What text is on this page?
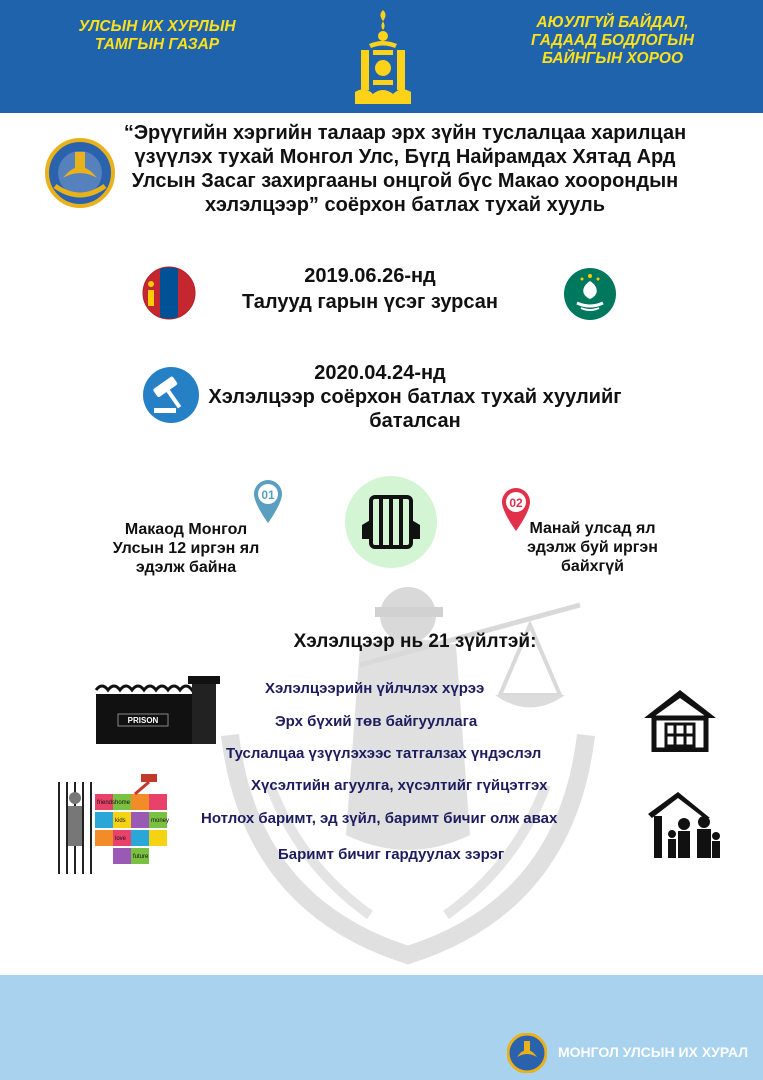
УЛСЫН ИХ ХУРЛЫН ТАМГЫН ГАЗАР
АЮУЛГҮЙ БАЙДАЛ, ГАДААД БОДЛОГЫН БАЙНГЫН ХОРОО
“Эрүүгийн хэргийн талаар эрх зүйн туслалцаа харилцан үзүүлэх тухай Монгол Улс, Бүгд Найрамдах Хятад Ард Улсын Засаг захиргааны онцгой бүс Макао хоорондын хэлэлцээр” соёрхон батлах тухай хууль
2019.06.26-нд
Талууд гарын үсэг зурсан
2020.04.24-нд
Хэлэлцээр соёрхон батлах тухай хуулийг баталсан
01
Макаод Монгол Улсын 12 иргэн ял эдэлж байна
02
Манай улсад ял эдэлж буй иргэн байхгүй
Хэлэлцээр нь 21 зүйлтэй:
Хэлэлцээрийн үйлчлэх хүрээ
Эрх бүхий төв байгууллага
Туслалцаа үзүүлэхээс татгалзах үндэслэл
Хүсэлтийн агуулга, хүсэлтийг гүйцэтгэх
Нотлох баримт, эд зүйл, баримт бичиг олж авах
Баримт бичиг гардуулах зэрэг
PRISON
friends home
kids	money
love
future
МОНГОЛ УЛСЫН ИХ ХУРАЛ
